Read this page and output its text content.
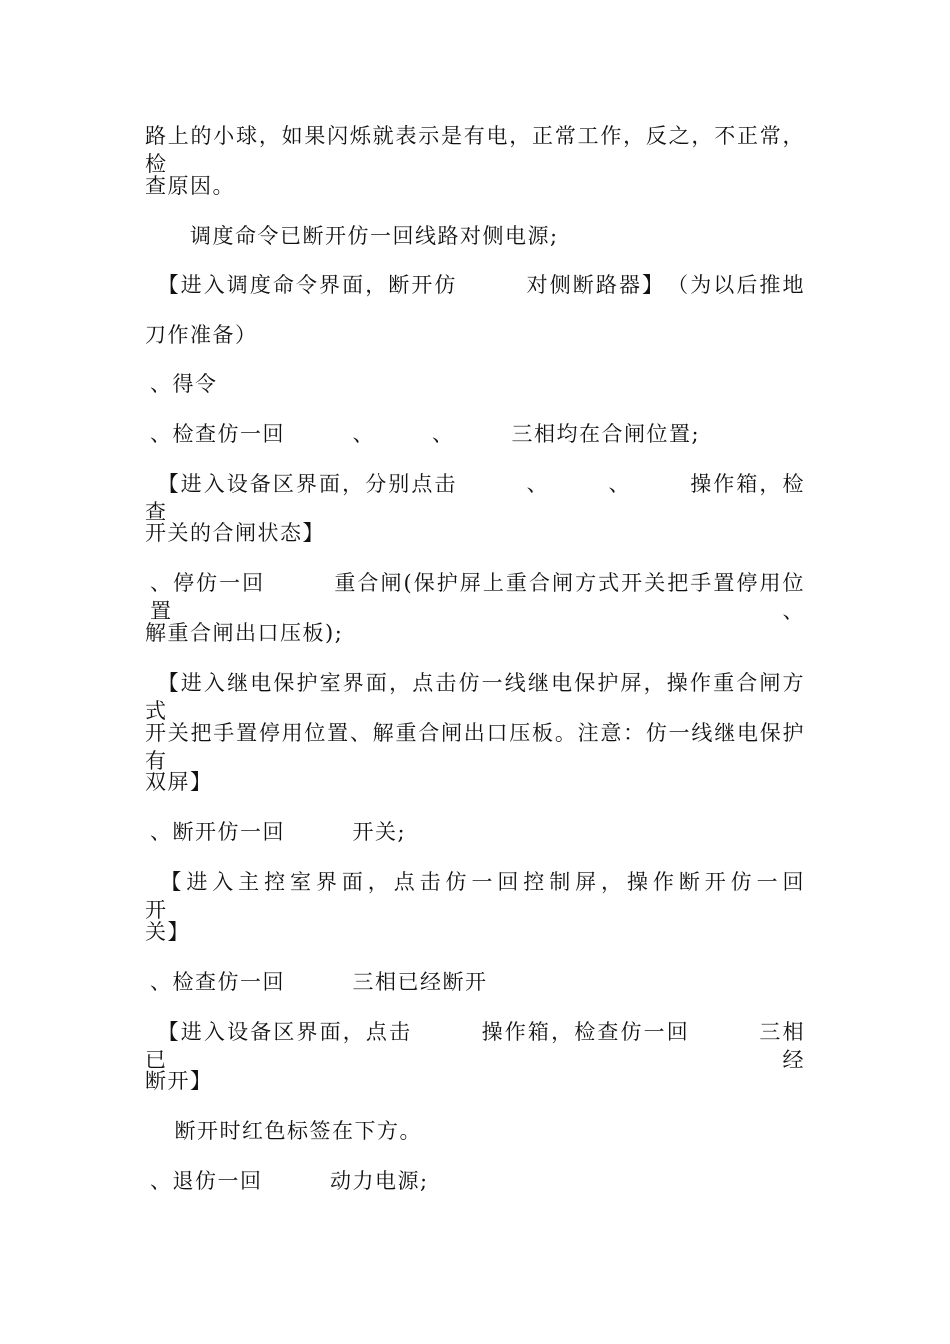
路上的小球，如果闪烁就表示是有电，正常工作，反之，不正常，检
查原因。
　　调度命令已断开仿一回线路对侧电源;
　【进入调度命令界面，断开仿　　　对侧断路器】　（为以后推地
刀作准备）
、得令
、检查仿一回　　　、　　　、　　　三相均在合闸位置;
　【进入设备区界面，分别点击　　　、　　　、　　　操作箱，检查
开关的合闸状态】
、停仿一回　　　重合闸(保护屏上重合闸方式开关把手置停用位置、
解重合闸出口压板);
　【进入继电保护室界面，点击仿一线继电保护屏，操作重合闸方式
开关把手置停用位置、解重合闸出口压板。注意：仿一线继电保护有
双屏】
、断开仿一回　　　开关;
　【进入主控室界面，点击仿一回控制屏，操作断开仿一回　　　开
关】
、检查仿一回　　　三相已经断开
　【进入设备区界面，点击　　　操作箱，检查仿一回　　　三相已经
断开】
　断开时红色标签在下方。
、退仿一回　　　动力电源;
